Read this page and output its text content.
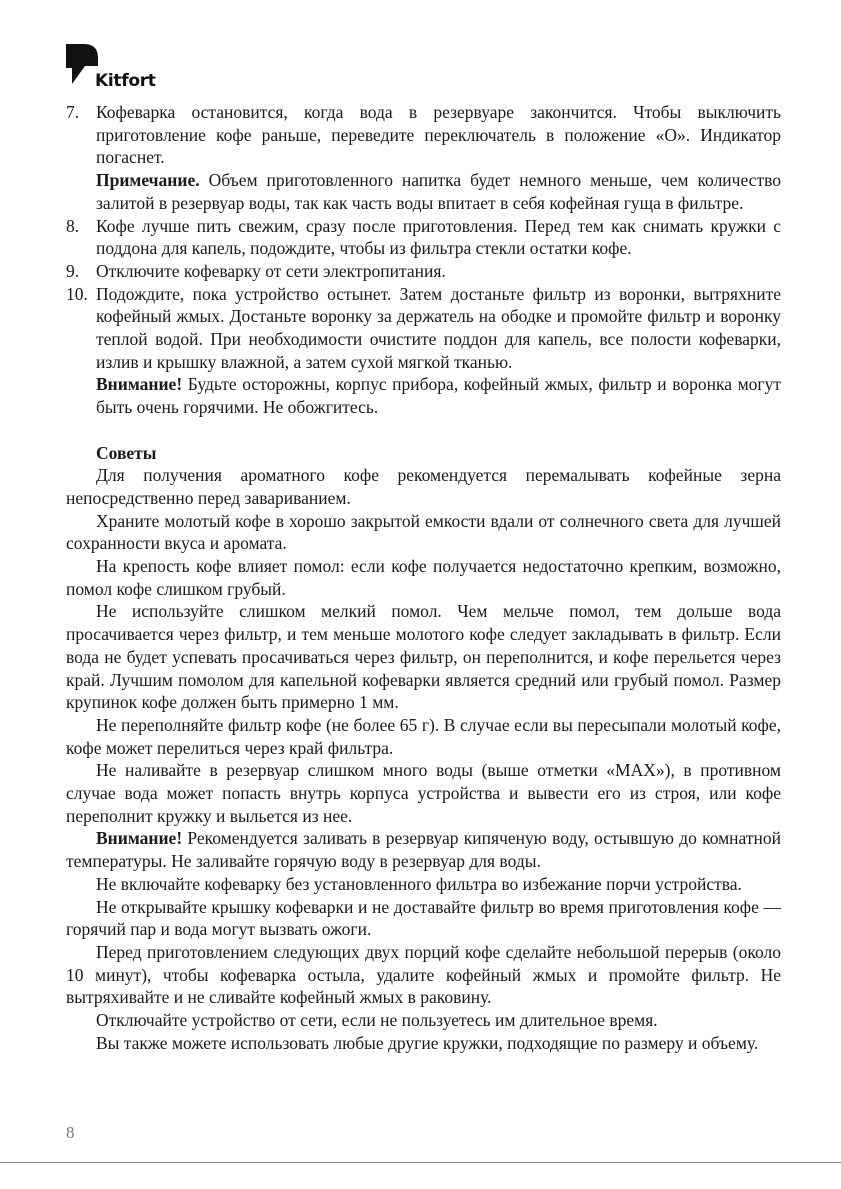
Kitfort

7. Кофеварка остановится, когда вода в резервуаре закончится. Чтобы выключить приготовление кофе раньше, переведите переключатель в положение «О». Индикатор погаснет.

Примечание. Объем приготовленного напитка будет немного меньше, чем количество залитой в резервуар воды, так как часть воды впитает в себя кофейная гуща в фильтре.

8. Кофе лучше пить свежим, сразу после приготовления. Перед тем как снимать кружки с поддона для капель, подождите, чтобы из фильтра стекли остатки кофе.

9. Отключите кофеварку от сети электропитания.

10. Подождите, пока устройство остынет. Затем достаньте фильтр из воронки, вытряхните кофейный жмых. Достаньте воронку за держатель на ободке и промойте фильтр и воронку теплой водой. При необходимости очистите поддон для капель, все полости кофеварки, излив и крышку влажной, а затем сухой мягкой тканью.

Внимание! Будьте осторожны, корпус прибора, кофейный жмых, фильтр и воронка могут быть очень горячими. Не обожгитесь.

Советы

Для получения ароматного кофе рекомендуется перемалывать кофейные зерна непосредственно перед завариванием.

Храните молотый кофе в хорошо закрытой емкости вдали от солнечного света для лучшей сохранности вкуса и аромата.

На крепость кофе влияет помол: если кофе получается недостаточно крепким, возможно, помол кофе слишком грубый.

Не используйте слишком мелкий помол. Чем мельче помол, тем дольше вода просачивается через фильтр, и тем меньше молотого кофе следует закладывать в фильтр. Если вода не будет успевать просачиваться через фильтр, он переполнится, и кофе перельется через край. Лучшим помолом для капельной кофеварки является средний или грубый помол. Размер крупинок кофе должен быть примерно 1 мм.

Не переполняйте фильтр кофе (не более 65 г). В случае если вы пересыпали молотый кофе, кофе может перелиться через край фильтра.

Не наливайте в резервуар слишком много воды (выше отметки «MAX»), в противном случае вода может попасть внутрь корпуса устройства и вывести его из строя, или кофе переполнит кружку и выльется из нее.

Внимание! Рекомендуется заливать в резервуар кипяченую воду, остывшую до комнатной температуры. Не заливайте горячую воду в резервуар для воды.

Не включайте кофеварку без установленного фильтра во избежание порчи устройства.

Не открывайте крышку кофеварки и не доставайте фильтр во время приготовления кофе — горячий пар и вода могут вызвать ожоги.

Перед приготовлением следующих двух порций кофе сделайте небольшой перерыв (около 10 минут), чтобы кофеварка остыла, удалите кофейный жмых и промойте фильтр. Не вытряхивайте и не сливайте кофейный жмых в раковину.

Отключайте устройство от сети, если не пользуетесь им длительное время.

Вы также можете использовать любые другие кружки, подходящие по размеру и объему.

8
